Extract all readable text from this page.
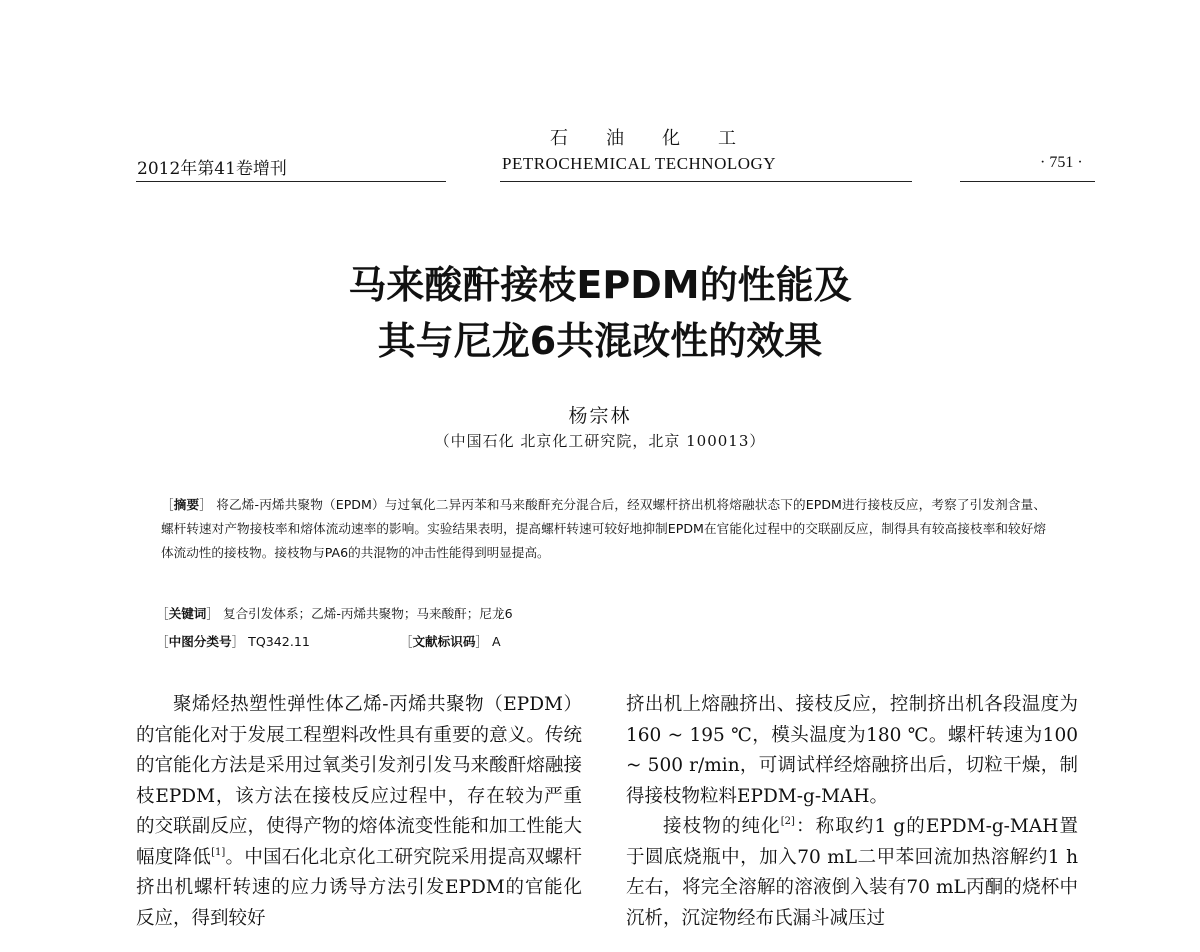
石油化工
2012年第41卷增刊	PETROCHEMICAL TECHNOLOGY	· 751 ·
马来酸酐接枝EPDM的性能及
其与尼龙6共混改性的效果
杨宗林
（中国石化 北京化工研究院，北京 100013）
［摘要］ 将乙烯-丙烯共聚物（EPDM）与过氧化二异丙苯和马来酸酐充分混合后，经双螺杆挤出机将熔融状态下的EPDM进行接枝反应，考察了引发剂含量、螺杆转速对产物接枝率和熔体流动速率的影响。实验结果表明，提高螺杆转速可较好地抑制EPDM在官能化过程中的交联副反应，制得具有较高接枝率和较好熔体流动性的接枝物。接枝物与PA6的共混物的冲击性能得到明显提高。
［关键词］ 复合引发体系；乙烯-丙烯共聚物；马来酸酐；尼龙6
［中图分类号］ TQ342.11	［文献标识码］ A

聚烯烃热塑性弹性体乙烯-丙烯共聚物（EPDM）的官能化对于发展工程塑料改性具有重要的意义。传统的官能化方法是采用过氧类引发剂引发马来酸酐熔融接枝EPDM，该方法在接枝反应过程中，存在较为严重的交联副反应，使得产物的熔体流变性能和加工性能大幅度降低[1]。中国石化北京化工研究院采用提高双螺杆挤出机螺杆转速的应力诱导方法引发EPDM的官能化反应，得到较好

挤出机上熔融挤出、接枝反应，控制挤出机各段温度为160 ~ 195 ℃，模头温度为180 ℃。螺杆转速为100 ~ 500 r/min，可调试样经熔融挤出后，切粒干燥，制得接枝物粒料EPDM-g-MAH。

接枝物的纯化[2]：称取约1 g的EPDM-g-MAH置于圆底烧瓶中，加入70 mL二甲苯回流加热溶解约1 h左右，将完全溶解的溶液倒入装有70 mL丙酮的烧杯中沉析，沉淀物经布氏漏斗减压过
